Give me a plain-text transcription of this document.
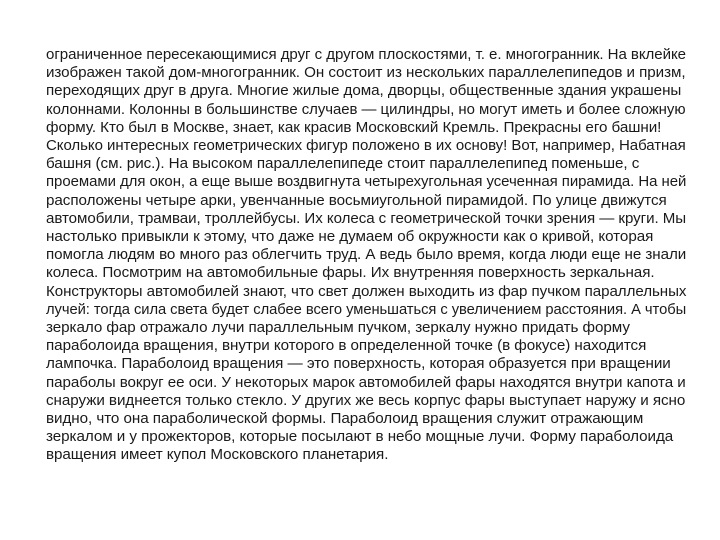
ограниченное пересекающимися друг с другом плоскостями, т. е. многогранник. На вклейке
изображен такой дом-многогранник. Он состоит из нескольких параллелепипедов и призм,
переходящих друг в друга. Многие жилые дома, дворцы, общественные здания украшены
колоннами. Колонны в большинстве случаев — цилиндры, но могут иметь и более сложную
форму. Кто был в Москве, знает, как красив Московский Кремль. Прекрасны его башни!
Сколько интересных геометрических фигур положено в их основу! Вот, например, Набатная
башня (см. рис.). На высоком параллелепипеде стоит параллелепипед поменьше, с
проемами для окон, а еще выше воздвигнута четырехугольная усеченная пирамида. На ней
расположены четыре арки, увенчанные восьмиугольной пирамидой. По улице движутся
автомобили, трамваи, троллейбусы. Их колеса с геометрической точки зрения — круги. Мы
настолько привыкли к этому, что даже не думаем об окружности как о кривой, которая
помогла людям во много раз облегчить труд. А ведь было время, когда люди еще не знали
колеса. Посмотрим на автомобильные фары. Их внутренняя поверхность зеркальная.
Конструкторы автомобилей знают, что свет должен выходить из фар пучком параллельных
лучей: тогда сила света будет слабее всего уменьшаться с увеличением расстояния. А чтобы
зеркало фар отражало лучи параллельным пучком, зеркалу нужно придать форму
параболоида вращения, внутри которого в определенной точке (в фокусе) находится
лампочка. Параболоид вращения — это поверхность, которая образуется при вращении
параболы вокруг ее оси. У некоторых марок автомобилей фары находятся внутри капота и
снаружи виднеется только стекло. У других же весь корпус фары выступает наружу и ясно
видно, что она параболической формы. Параболоид вращения служит отражающим
зеркалом и у прожекторов, которые посылают в небо мощные лучи. Форму параболоида
вращения имеет купол Московского планетария.
